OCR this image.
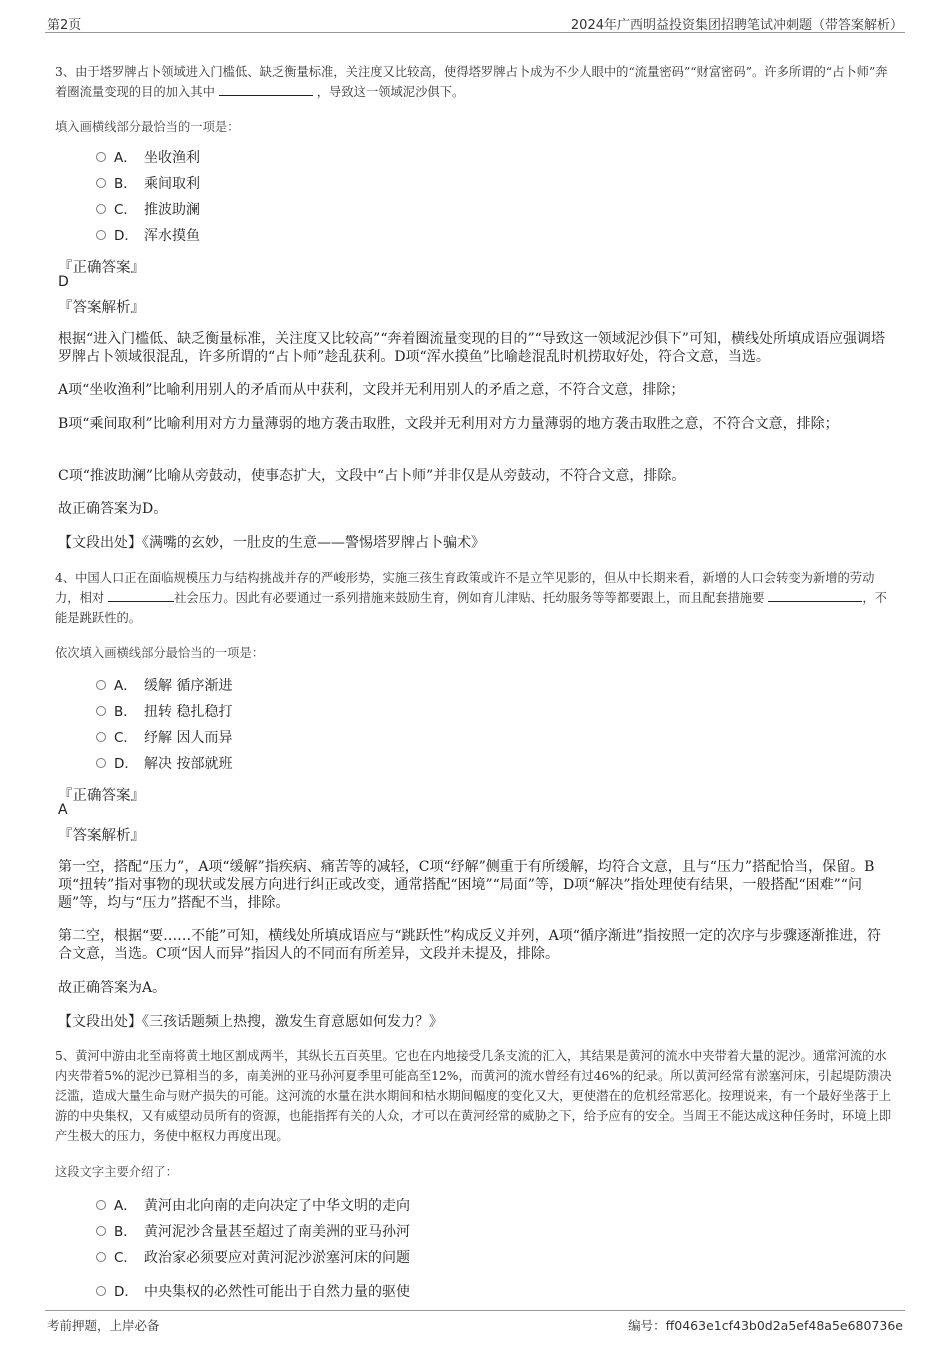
第2页	2024年广西明益投资集团招聘笔试冲刺题（带答案解析）
3、由于塔罗牌占卜领域进入门槛低、缺乏衡量标准，关注度又比较高，使得塔罗牌占卜成为不少人眼中的“流量密码”“财富密码”。许多所谓的“占卜师”奔着圈流量变现的目的加入其中	，导致这一领域泥沙俱下。
填入画横线部分最恰当的一项是：
A． 坐收渔利
B． 乘间取利
C． 推波助澜
D． 浑水摸鱼
『正确答案』
D
『答案解析』
根据“进入门槛低、缺乏衡量标准，关注度又比较高”“奔着圈流量变现的目的”“导致这一领域泥沙俱下”可知，横线处所填成语应强调塔罗牌占卜领域很混乱，许多所谓的“占卜师”趁乱获利。D项“浑水摸鱼”比喻趁混乱时机捞取好处，符合文意，当选。
A项“坐收渔利”比喻利用别人的矛盾而从中获利，文段并无利用别人的矛盾之意，不符合文意，排除；
B项“乘间取利”比喻利用对方力量薄弱的地方袭击取胜，文段并无利用对方力量薄弱的地方袭击取胜之意，不符合文意，排除；
C项“推波助澜”比喻从旁鼓动，使事态扩大，文段中“占卜师”并非仅是从旁鼓动，不符合文意，排除。
故正确答案为D。
【文段出处】《满嘴的玄妙，一肚皮的生意——警惕塔罗牌占卜骗术》
4、中国人口正在面临规模压力与结构挑战并存的严峻形势，实施三孩生育政策或许不是立竿见影的，但从中长期来看，新增的人口会转变为新增的劳动力，相对	社会压力。因此有必要通过一系列措施来鼓励生育，例如育儿津贴、托幼服务等等都要跟上，而且配套措施要	，不能是跳跃性的。
依次填入画横线部分最恰当的一项是：
A． 缓解 循序渐进
B． 扭转 稳扎稳打
C． 纾解 因人而异
D． 解决 按部就班
『正确答案』
A
『答案解析』
第一空，搭配“压力”，A项“缓解”指疾病、痛苦等的减轻，C项“纾解”侧重于有所缓解，均符合文意，且与“压力”搭配恰当，保留。B项“扭转”指对事物的现状或发展方向进行纠正或改变，通常搭配“困境”“局面”等，D项“解决”指处理使有结果，一般搭配“困难”“问题”等，均与“压力”搭配不当，排除。
第二空，根据“要……不能”可知，横线处所填成语应与“跳跃性”构成反义并列，A项“循序渐进”指按照一定的次序与步骤逐渐推进，符合文意，当选。C项“因人而异”指因人的不同而有所差异，文段并未提及，排除。
故正确答案为A。
【文段出处】《三孩话题频上热搜，激发生育意愿如何发力？》
5、黄河中游由北至南将黄土地区割成两半，其纵长五百英里。它也在内地接受几条支流的汇入，其结果是黄河的流水中夹带着大量的泥沙。通常河流的水内夹带着5%的泥沙已算相当的多，南美洲的亚马孙河夏季里可能高至12%，而黄河的流水曾经有过46%的纪录。所以黄河经常有淤塞河床，引起堤防溃决泛滥，造成大量生命与财产损失的可能。这河流的水量在洪水期间和枯水期间幅度的变化又大，更使潜在的危机经常恶化。按理说来，有一个最好坐落于上游的中央集权，又有威望动员所有的资源，也能指挥有关的人众，才可以在黄河经常的威胁之下，给予应有的安全。当周王不能达成这种任务时，环境上即产生极大的压力，务使中枢权力再度出现。
这段文字主要介绍了：
A． 黄河由北向南的走向决定了中华文明的走向
B． 黄河泥沙含量甚至超过了南美洲的亚马孙河
C． 政治家必须要应对黄河泥沙淤塞河床的问题
D． 中央集权的必然性可能出于自然力量的驱使
考前押题，上岸必备	编号：ff0463e1cf43b0d2a5ef48a5e680736e
